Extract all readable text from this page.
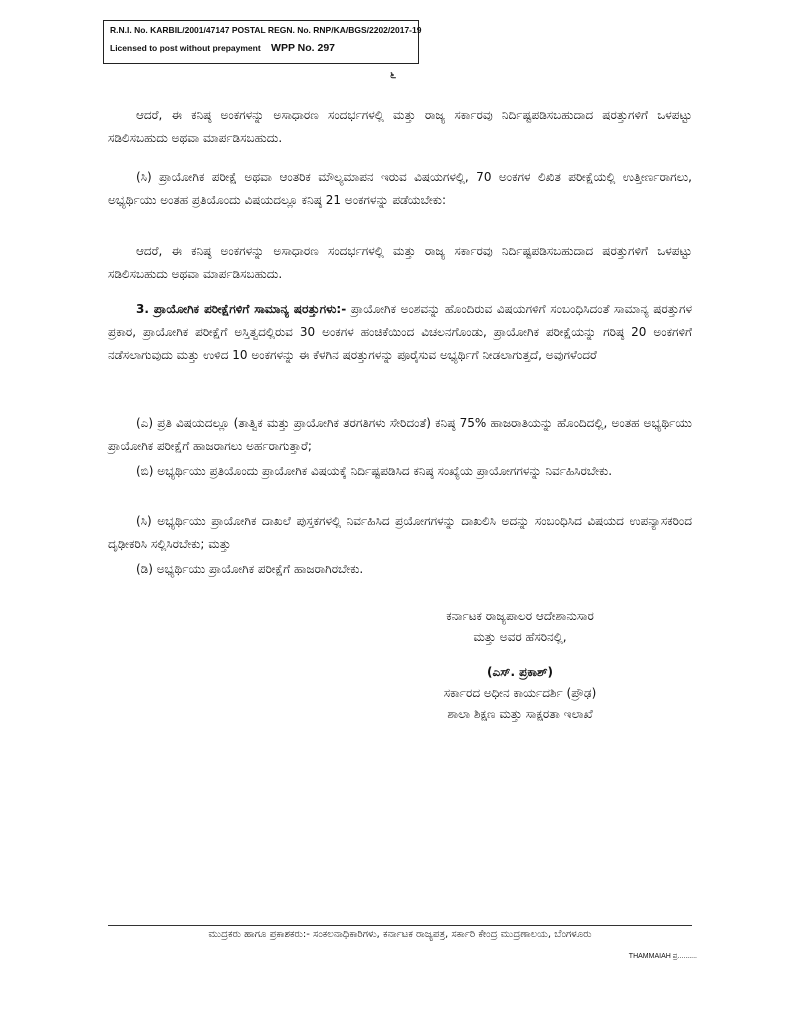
R.N.I. No. KARBIL/2001/47147 POSTAL REGN. No. RNP/KA/BGS/2202/2017-19
Licensed to post without prepayment WPP No. 297
೬

ಆದರೆ, ಈ ಕನಿಷ್ಠ ಅಂಕಗಳನ್ನು ಅಸಾಧಾರಣ ಸಂದರ್ಭಗಳಲ್ಲಿ ಮತ್ತು ರಾಜ್ಯ ಸರ್ಕಾರವು ನಿರ್ದಿಷ್ಟಪಡಿಸಬಹುದಾದ ಷರತ್ತುಗಳಿಗೆ ಒಳಪಟ್ಟು ಸಡಿಲಿಸಬಹುದು ಅಥವಾ ಮಾರ್ಪಡಿಸಬಹುದು.

(ಸಿ) ಪ್ರಾಯೋಗಿಕ ಪರೀಕ್ಷೆ ಅಥವಾ ಆಂತರಿಕ ಮೌಲ್ಯಮಾಪನ ಇರುವ ವಿಷಯಗಳಲ್ಲಿ, 70 ಅಂಕಗಳ ಲಿಖಿತ ಪರೀಕ್ಷೆಯಲ್ಲಿ ಉತ್ತೀರ್ಣರಾಗಲು, ಅಭ್ಯರ್ಥಿಯು ಅಂತಹ ಪ್ರತಿಯೊಂದು ವಿಷಯದಲ್ಲೂ ಕನಿಷ್ಠ 21 ಅಂಕಗಳನ್ನು ಪಡೆಯಬೇಕು:

ಆದರೆ, ಈ ಕನಿಷ್ಠ ಅಂಕಗಳನ್ನು ಅಸಾಧಾರಣ ಸಂದರ್ಭಗಳಲ್ಲಿ ಮತ್ತು ರಾಜ್ಯ ಸರ್ಕಾರವು ನಿರ್ದಿಷ್ಟಪಡಿಸಬಹುದಾದ ಷರತ್ತುಗಳಿಗೆ ಒಳಪಟ್ಟು ಸಡಿಲಿಸಬಹುದು ಅಥವಾ ಮಾರ್ಪಡಿಸಬಹುದು.

3. ಪ್ರಾಯೋಗಿಕ ಪರೀಕ್ಷೆಗಳಿಗೆ ಸಾಮಾನ್ಯ ಷರತ್ತುಗಳು:- ಪ್ರಾಯೋಗಿಕ ಅಂಶವನ್ನು ಹೊಂದಿರುವ ವಿಷಯಗಳಿಗೆ ಸಂಬಂಧಿಸಿದಂತೆ ಸಾಮಾನ್ಯ ಷರತ್ತುಗಳ ಪ್ರಕಾರ, ಪ್ರಾಯೋಗಿಕ ಪರೀಕ್ಷೆಗೆ ಅಸ್ತಿತ್ವದಲ್ಲಿರುವ 30 ಅಂಕಗಳ ಹಂಚಿಕೆಯಿಂದ ವಿಚಲನಗೊಂಡು, ಪ್ರಾಯೋಗಿಕ ಪರೀಕ್ಷೆಯನ್ನು ಗರಿಷ್ಠ 20 ಅಂಕಗಳಿಗೆ ನಡೆಸಲಾಗುವುದು ಮತ್ತು ಉಳಿದ 10 ಅಂಕಗಳನ್ನು ಈ ಕೆಳಗಿನ ಷರತ್ತುಗಳನ್ನು ಪೂರೈಸುವ ಅಭ್ಯರ್ಥಿಗೆ ನೀಡಲಾಗುತ್ತದೆ, ಅವುಗಳೆಂದರೆ

(ಎ) ಪ್ರತಿ ವಿಷಯದಲ್ಲೂ (ತಾತ್ವಿಕ ಮತ್ತು ಪ್ರಾಯೋಗಿಕ ತರಗತಿಗಳು ಸೇರಿದಂತೆ) ಕನಿಷ್ಠ 75% ಹಾಜರಾತಿಯನ್ನು ಹೊಂದಿದಲ್ಲಿ, ಅಂತಹ ಅಭ್ಯರ್ಥಿಯು ಪ್ರಾಯೋಗಿಕ ಪರೀಕ್ಷೆಗೆ ಹಾಜರಾಗಲು ಅರ್ಹರಾಗುತ್ತಾರೆ;

(ಬಿ) ಅಭ್ಯರ್ಥಿಯು ಪ್ರತಿಯೊಂದು ಪ್ರಾಯೋಗಿಕ ವಿಷಯಕ್ಕೆ ನಿರ್ದಿಷ್ಟಪಡಿಸಿದ ಕನಿಷ್ಠ ಸಂಖ್ಯೆಯ ಪ್ರಾಯೋಗಗಳನ್ನು ನಿರ್ವಹಿಸಿರಬೇಕು.

(ಸಿ) ಅಭ್ಯರ್ಥಿಯು ಪ್ರಾಯೋಗಿಕ ದಾಖಲೆ ಪುಸ್ತಕಗಳಲ್ಲಿ ನಿರ್ವಹಿಸಿದ ಪ್ರಯೋಗಗಳನ್ನು ದಾಖಲಿಸಿ ಅದನ್ನು ಸಂಬಂಧಿಸಿದ ವಿಷಯದ ಉಪನ್ಯಾಸಕರಿಂದ ದೃಢೀಕರಿಸಿ ಸಲ್ಲಿಸಿರಬೇಕು; ಮತ್ತು

(ಡಿ) ಅಭ್ಯರ್ಥಿಯು ಪ್ರಾಯೋಗಿಕ ಪರೀಕ್ಷೆಗೆ ಹಾಜರಾಗಿರಬೇಕು.

ಕರ್ನಾಟಕ ರಾಜ್ಯಪಾಲರ ಆದೇಶಾನುಸಾರ
ಮತ್ತು ಅವರ ಹೆಸರಿನಲ್ಲಿ,
(ಎಸ್. ಪ್ರಕಾಶ್)
ಸರ್ಕಾರದ ಅಧೀನ ಕಾರ್ಯದರ್ಶಿ (ಪ್ರೌಢ)
ಶಾಲಾ ಶಿಕ್ಷಣ ಮತ್ತು ಸಾಕ್ಷರತಾ ಇಲಾಖೆ

ಮುದ್ರಕರು ಹಾಗೂ ಪ್ರಕಾಶಕರು:- ಸಂಕಲನಾಧಿಕಾರಿಗಳು, ಕರ್ನಾಟಕ ರಾಜ್ಯಪತ್ರ, ಸರ್ಕಾರಿ ಕೇಂದ್ರ ಮುದ್ರಣಾಲಯ, ಬೆಂಗಳೂರು

THAMMAIAH ಪ್ರ..........
